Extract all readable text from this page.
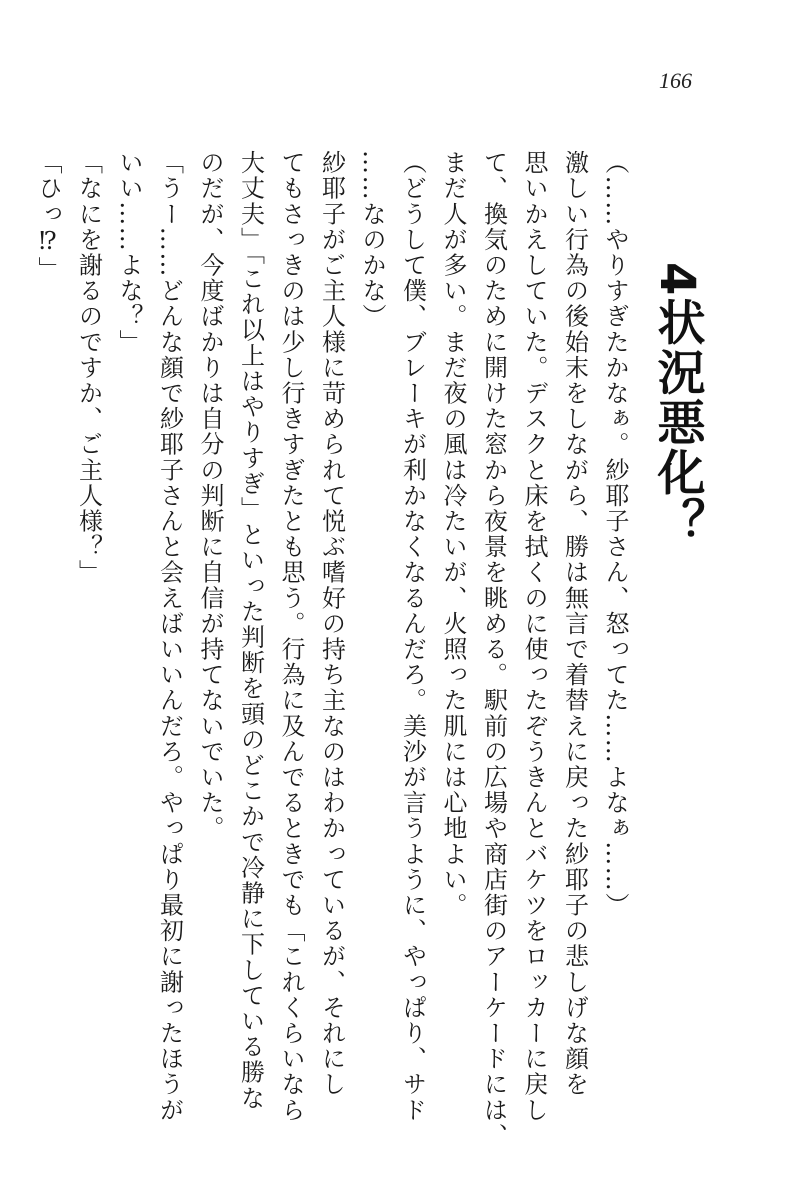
166
4状況悪化？
（……やりすぎたかなぁ。紗耶子さん、怒ってた……よなぁ……）
激しい行為の後始末をしながら、勝は無言で着替えに戻った紗耶子の悲しげな顔を
思いかえしていた。デスクと床を拭くのに使ったぞうきんとバケツをロッカーに戻し
て、換気のために開けた窓から夜景を眺める。駅前の広場や商店街のアーケードには、
まだ人が多い。まだ夜の風は冷たいが、火照った肌には心地よい。
（どうして僕、ブレーキが利かなくなるんだろ。美沙が言うように、やっぱり、サド
……なのかな）
紗耶子がご主人様に苛められて悦ぶ嗜好の持ち主なのはわかっているが、それにし
てもさっきのは少し行きすぎたとも思う。行為に及んでるときでも「これくらいなら
大丈夫」「これ以上はやりすぎ」といった判断を頭のどこかで冷静に下している勝な
のだが、今度ばかりは自分の判断に自信が持てないでいた。
「うー……どんな顔で紗耶子さんと会えばいいんだろ。やっぱり最初に謝ったほうが
いい……よな？」
「なにを謝るのですか、ご主人様？」
「ひっ⁉」
